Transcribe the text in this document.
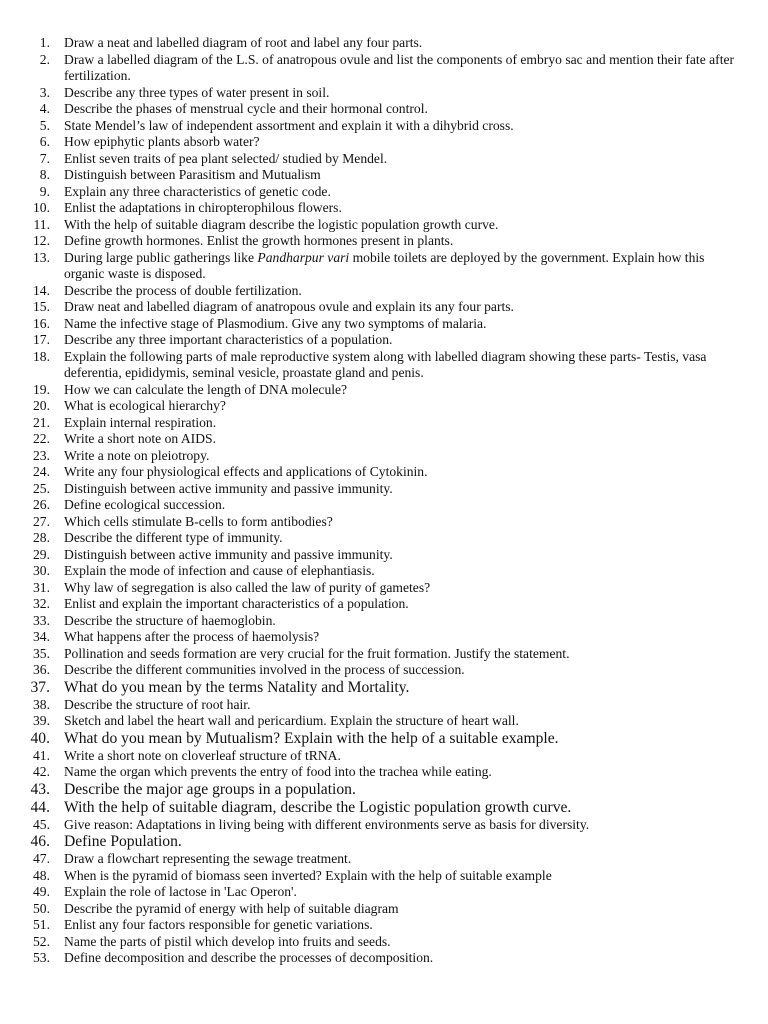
1. Draw a neat and labelled diagram of root and label any four parts.
2. Draw a labelled diagram of the L.S. of anatropous ovule and list the components of embryo sac and mention their fate after fertilization.
3. Describe any three types of water present in soil.
4. Describe the phases of menstrual cycle and their hormonal control.
5. State Mendel’s law of independent assortment and explain it with a dihybrid cross.
6. How epiphytic plants absorb water?
7. Enlist seven traits of pea plant selected/ studied by Mendel.
8. Distinguish between Parasitism and Mutualism
9. Explain any three characteristics of genetic code.
10. Enlist the adaptations in chiropterophilous flowers.
11. With the help of suitable diagram describe the logistic population growth curve.
12. Define growth hormones. Enlist the growth hormones present in plants.
13. During large public gatherings like Pandharpur vari mobile toilets are deployed by the government. Explain how this organic waste is disposed.
14. Describe the process of double fertilization.
15. Draw neat and labelled diagram of anatropous ovule and explain its any four parts.
16. Name the infective stage of Plasmodium. Give any two symptoms of malaria.
17. Describe any three important characteristics of a population.
18. Explain the following parts of male reproductive system along with labelled diagram showing these parts- Testis, vasa deferentia, epididymis, seminal vesicle, proastate gland and penis.
19. How we can calculate the length of DNA molecule?
20. What is ecological hierarchy?
21. Explain internal respiration.
22. Write a short note on AIDS.
23. Write a note on pleiotropy.
24. Write any four physiological effects and applications of Cytokinin.
25. Distinguish between active immunity and passive immunity.
26. Define ecological succession.
27. Which cells stimulate B-cells to form antibodies?
28. Describe the different type of immunity.
29. Distinguish between active immunity and passive immunity.
30. Explain the mode of infection and cause of elephantiasis.
31. Why law of segregation is also called the law of purity of gametes?
32. Enlist and explain the important characteristics of a population.
33. Describe the structure of haemoglobin.
34. What happens after the process of haemolysis?
35. Pollination and seeds formation are very crucial for the fruit formation. Justify the statement.
36. Describe the different communities involved in the process of succession.
37. What do you mean by the terms Natality and Mortality.
38. Describe the structure of root hair.
39. Sketch and label the heart wall and pericardium. Explain the structure of heart wall.
40. What do you mean by Mutualism? Explain with the help of a suitable example.
41. Write a short note on cloverleaf structure of tRNA.
42. Name the organ which prevents the entry of food into the trachea while eating.
43. Describe the major age groups in a population.
44. With the help of suitable diagram, describe the Logistic population growth curve.
45. Give reason: Adaptations in living being with different environments serve as basis for diversity.
46. Define Population.
47. Draw a flowchart representing the sewage treatment.
48. When is the pyramid of biomass seen inverted? Explain with the help of suitable example
49. Explain the role of lactose in 'Lac Operon'.
50. Describe the pyramid of energy with help of suitable diagram
51. Enlist any four factors responsible for genetic variations.
52. Name the parts of pistil which develop into fruits and seeds.
53. Define decomposition and describe the processes of decomposition.
